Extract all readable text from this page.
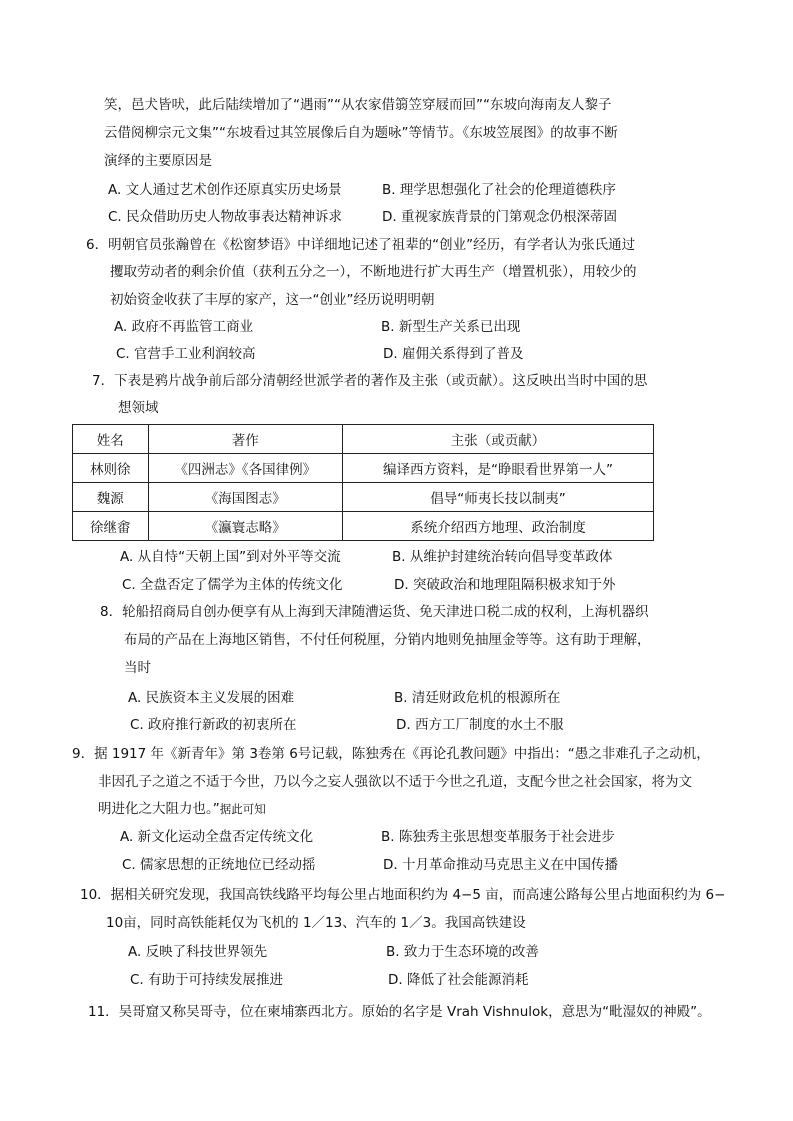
笑，邑犬皆吠，此后陆续增加了“遇雨”“从农家借篛笠穿屐而回”“东坡向海南友人黎子
云借阅柳宗元文集”“东坡看过其笠展像后自为题咏”等情节。《东坡笠展图》的故事不断
演绎的主要原因是
A. 文人通过艺术创作还原真实历史场景	B. 理学思想强化了社会的伦理道德秩序
C. 民众借助历史人物故事表达精神诉求	D. 重视家族背景的门第观念仍根深蒂固
6．明朝官员张瀚曾在《松窗梦语》中详细地记述了祖辈的“创业”经历，有学者认为张氏通过
攫取劳动者的剩余价值（获利五分之一），不断地进行扩大再生产（增置机张），用较少的
初始资金收获了丰厚的家产，这一“创业”经历说明明朝
A. 政府不再监管工商业	B. 新型生产关系已出现
C. 官营手工业利润较高	D. 雇佣关系得到了普及
7．下表是鸦片战争前后部分清朝经世派学者的著作及主张（或贡献）。这反映出当时中国的思
想领域
姓名	著作	主张（或贡献）
林则徐	《四洲志》《各国律例》	编译西方资料，是“睁眼看世界第一人”
魏源	《海国图志》	倡导“师夷长技以制夷”
徐继畬	《瀛寰志略》	系统介绍西方地理、政治制度
A. 从自恃“天朝上国”到对外平等交流	B. 从维护封建统治转向倡导变革政体
C. 全盘否定了儒学为主体的传统文化	D. 突破政治和地理阻隔积极求知于外
8．轮船招商局自创办便享有从上海到天津随漕运货、免天津进口税二成的权利，上海机器织
布局的产品在上海地区销售，不付任何税厘，分销内地则免抽厘金等等。这有助于理解，
当时
A. 民族资本主义发展的困难	B. 清廷财政危机的根源所在
C. 政府推行新政的初衷所在	D. 西方工厂制度的水土不服
9．据 1917 年《新青年》第 3卷第 6号记载，陈独秀在《再论孔教问题》中指出：“愚之非难孔子之动机，
非因孔子之道之不适于今世，乃以今之妄人强欲以不适于今世之孔道，支配今世之社会国家，将为文
明进化之大阻力也。”据此可知
A. 新文化运动全盘否定传统文化	B. 陈独秀主张思想变革服务于社会进步
C. 儒家思想的正统地位已经动摇	D. 十月革命推动马克思主义在中国传播
10．据相关研究发现，我国高铁线路平均每公里占地面积约为 4−5 亩，而高速公路每公里占地面积约为 6−
10亩，同时高铁能耗仅为飞机的 1／13、汽车的 1／3。我国高铁建设
A. 反映了科技世界领先	B. 致力于生态环境的改善
C. 有助于可持续发展推进	D. 降低了社会能源消耗
11．吴哥窟又称吴哥寺，位在柬埔寨西北方。原始的名字是 Vrah Vishnulok，意思为“毗湿奴的神殿”。
